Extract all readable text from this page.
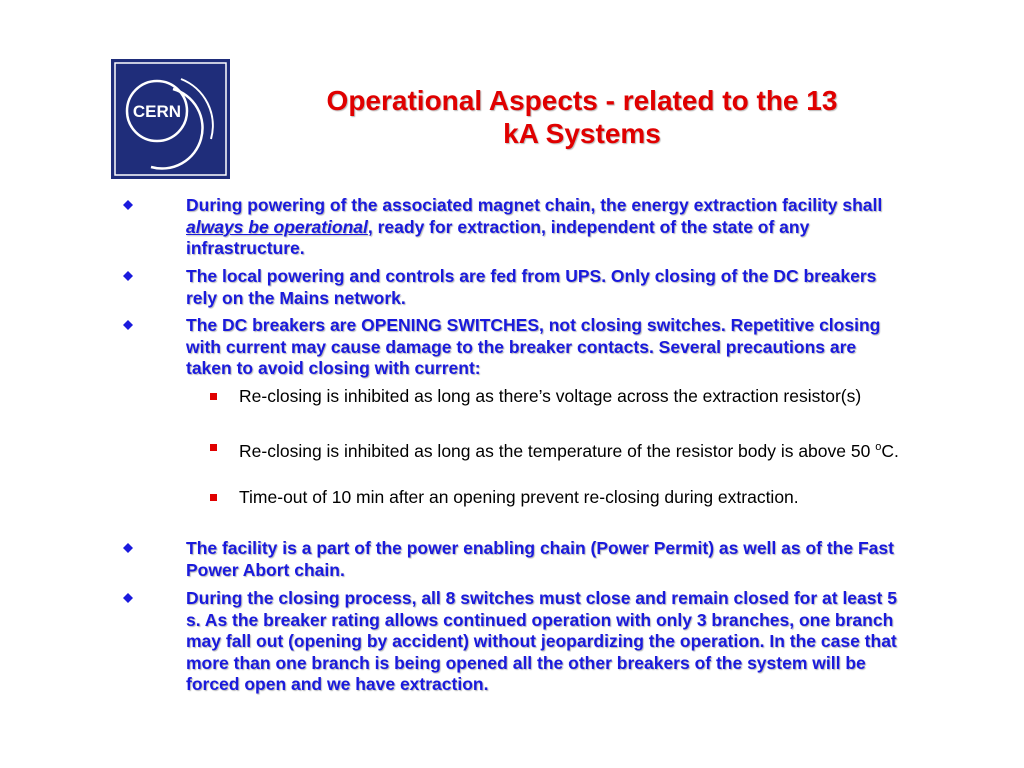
CERN	Operational Aspects - related to the 13
kA Systems
During powering of the associated magnet chain, the energy extraction facility shall always be operational, ready for extraction, independent of the state of any infrastructure.
The local powering and controls are fed from UPS. Only closing of the DC breakers rely on the Mains network.
The DC breakers are OPENING SWITCHES, not closing switches. Repetitive closing with current may cause damage to the breaker contacts. Several precautions are taken to avoid closing with current:
Re-closing is inhibited as long as there’s voltage across the extraction resistor(s)
Re-closing is inhibited as long as the temperature of the resistor body is above 50 $^o$C.
Time-out of 10 min after an opening prevent re-closing during extraction.
The facility is a part of the power enabling chain (Power Permit) as well as of the Fast Power Abort chain.
During the closing process, all 8 switches must close and remain closed for at least 5 s. As the breaker rating allows continued operation with only 3 branches, one branch may fall out (opening by accident) without jeopardizing the operation. In the case that more than one branch is being opened all the other breakers of the system will be forced open and we have extraction.
